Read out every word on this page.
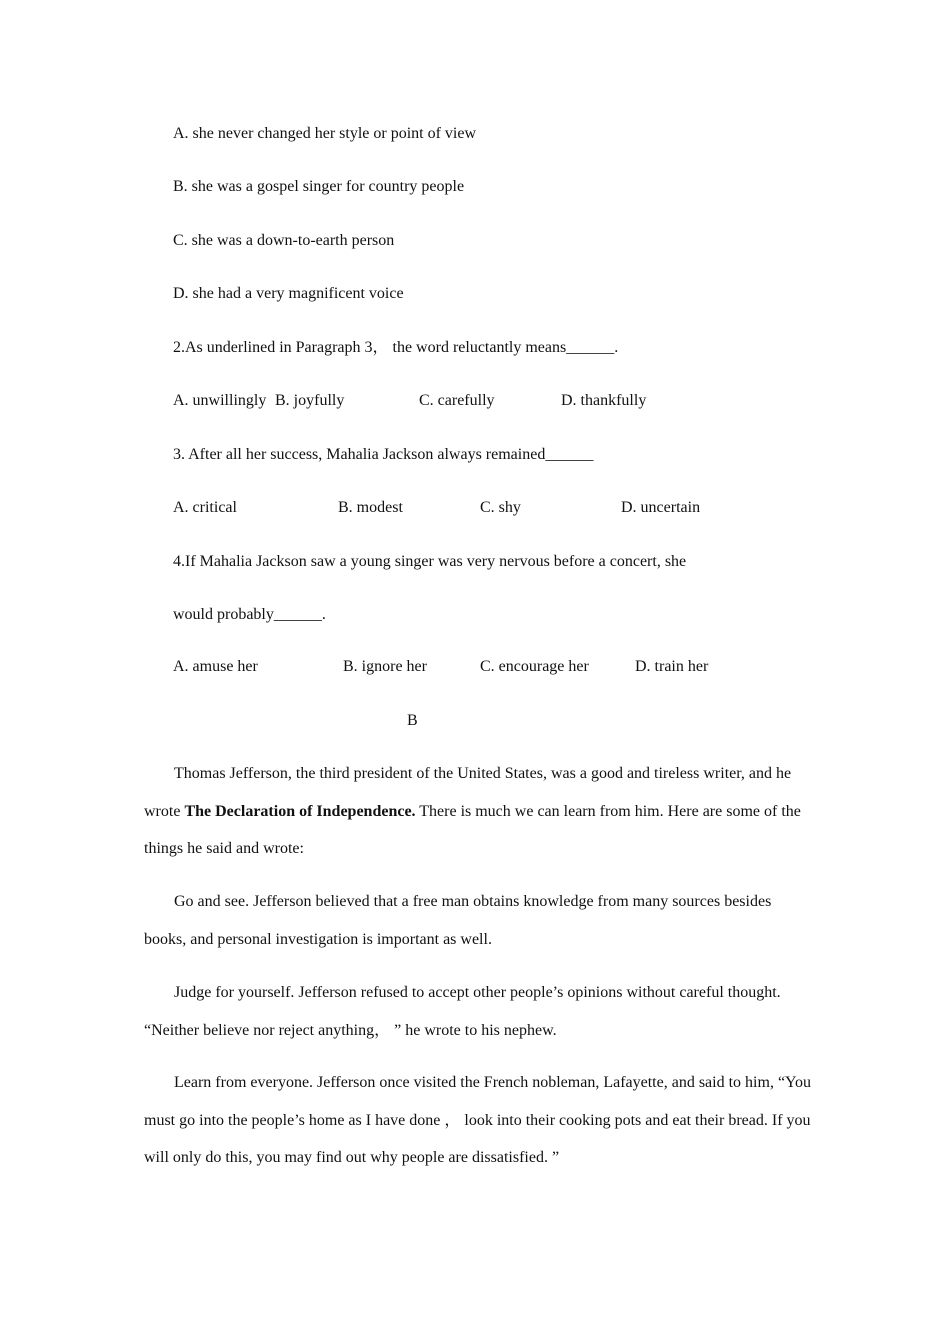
A. she never changed her style or point of view
B. she was a gospel singer for country people
C. she was a down-to-earth person
D. she had a very magnificent voice
2.As underlined in Paragraph 3， the word reluctantly means______.
A. unwillingly B. joyfully	C. carefully	D. thankfully
3. After all her success, Mahalia Jackson always remained______
A. critical	B. modest	C. shy	D. uncertain
4.If Mahalia Jackson saw a young singer was very nervous before a concert, she
would probably______.
A. amuse her	B. ignore her	C. encourage her	D. train her
B
Thomas Jefferson, the third president of the United States, was a good and tireless writer, and he wrote The Declaration of Independence. There is much we can learn from him. Here are some of the things he said and wrote:
Go and see. Jefferson believed that a free man obtains knowledge from many sources besides books, and personal investigation is important as well.
Judge for yourself. Jefferson refused to accept other people’s opinions without careful thought. “Neither believe nor reject anything， ” he wrote to his nephew.
Learn from everyone. Jefferson once visited the French nobleman, Lafayette, and said to him, “You must go into the people’s home as I have done ， look into their cooking pots and eat their bread. If you will only do this, you may find out why people are dissatisfied. ”
